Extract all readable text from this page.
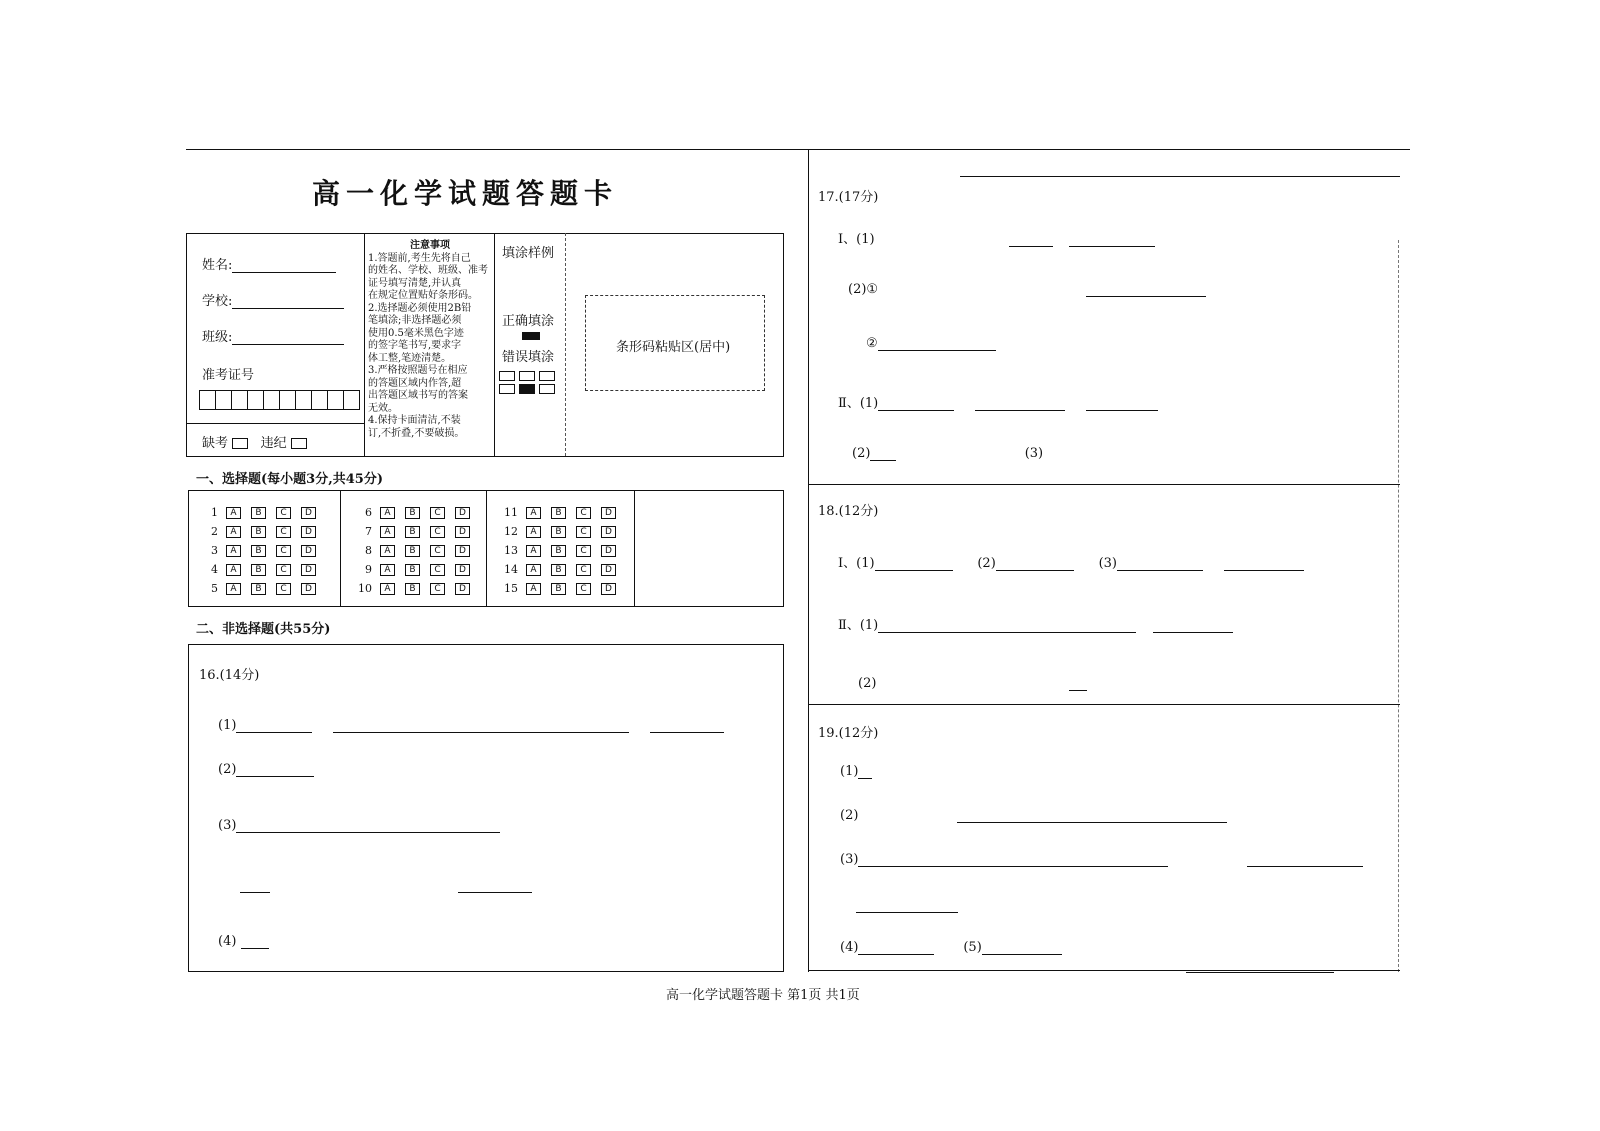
高一化学试题答题卡
姓名:
学校:
班级:
准考证号
缺考	违纪
注意事项
1.答题前,考生先将自己
的姓名、学校、班级、准考
证号填写清楚,并认真
在规定位置贴好条形码。
2.选择题必须使用2B铅
笔填涂;非选择题必须
使用0.5毫米黑色字迹
的签字笔书写,要求字
体工整,笔迹清楚。
3.严格按照题号在相应
的答题区域内作答,超
出答题区域书写的答案
无效。
4.保持卡面清洁,不装
订,不折叠,不要破损。
填涂样例
正确填涂
错误填涂
条形码粘贴区(居中)
一、选择题(每小题3分,共45分)
1	A	B	C	D
2	A	B	C	D
3	A	B	C	D
4	A	B	C	D
5	A	B	C	D
6	A	B	C	D
7	A	B	C	D
8	A	B	C	D
9	A	B	C	D
10	A	B	C	D
11	A	B	C	D
12	A	B	C	D
13	A	B	C	D
14	A	B	C	D
15	A	B	C	D
二、非选择题(共55分)
16.(14分)
(1)
(2)
(3)

(4)
17.(17分)
Ⅰ、(1)
(2)①
②
Ⅱ、(1)
(2)	(3)
18.(12分)
Ⅰ、(1)	(2)	(3)
Ⅱ、(1)
(2)
19.(12分)
(1)
(2)
(3)
(4)	(5)
高一化学试题答题卡 第1页 共1页
